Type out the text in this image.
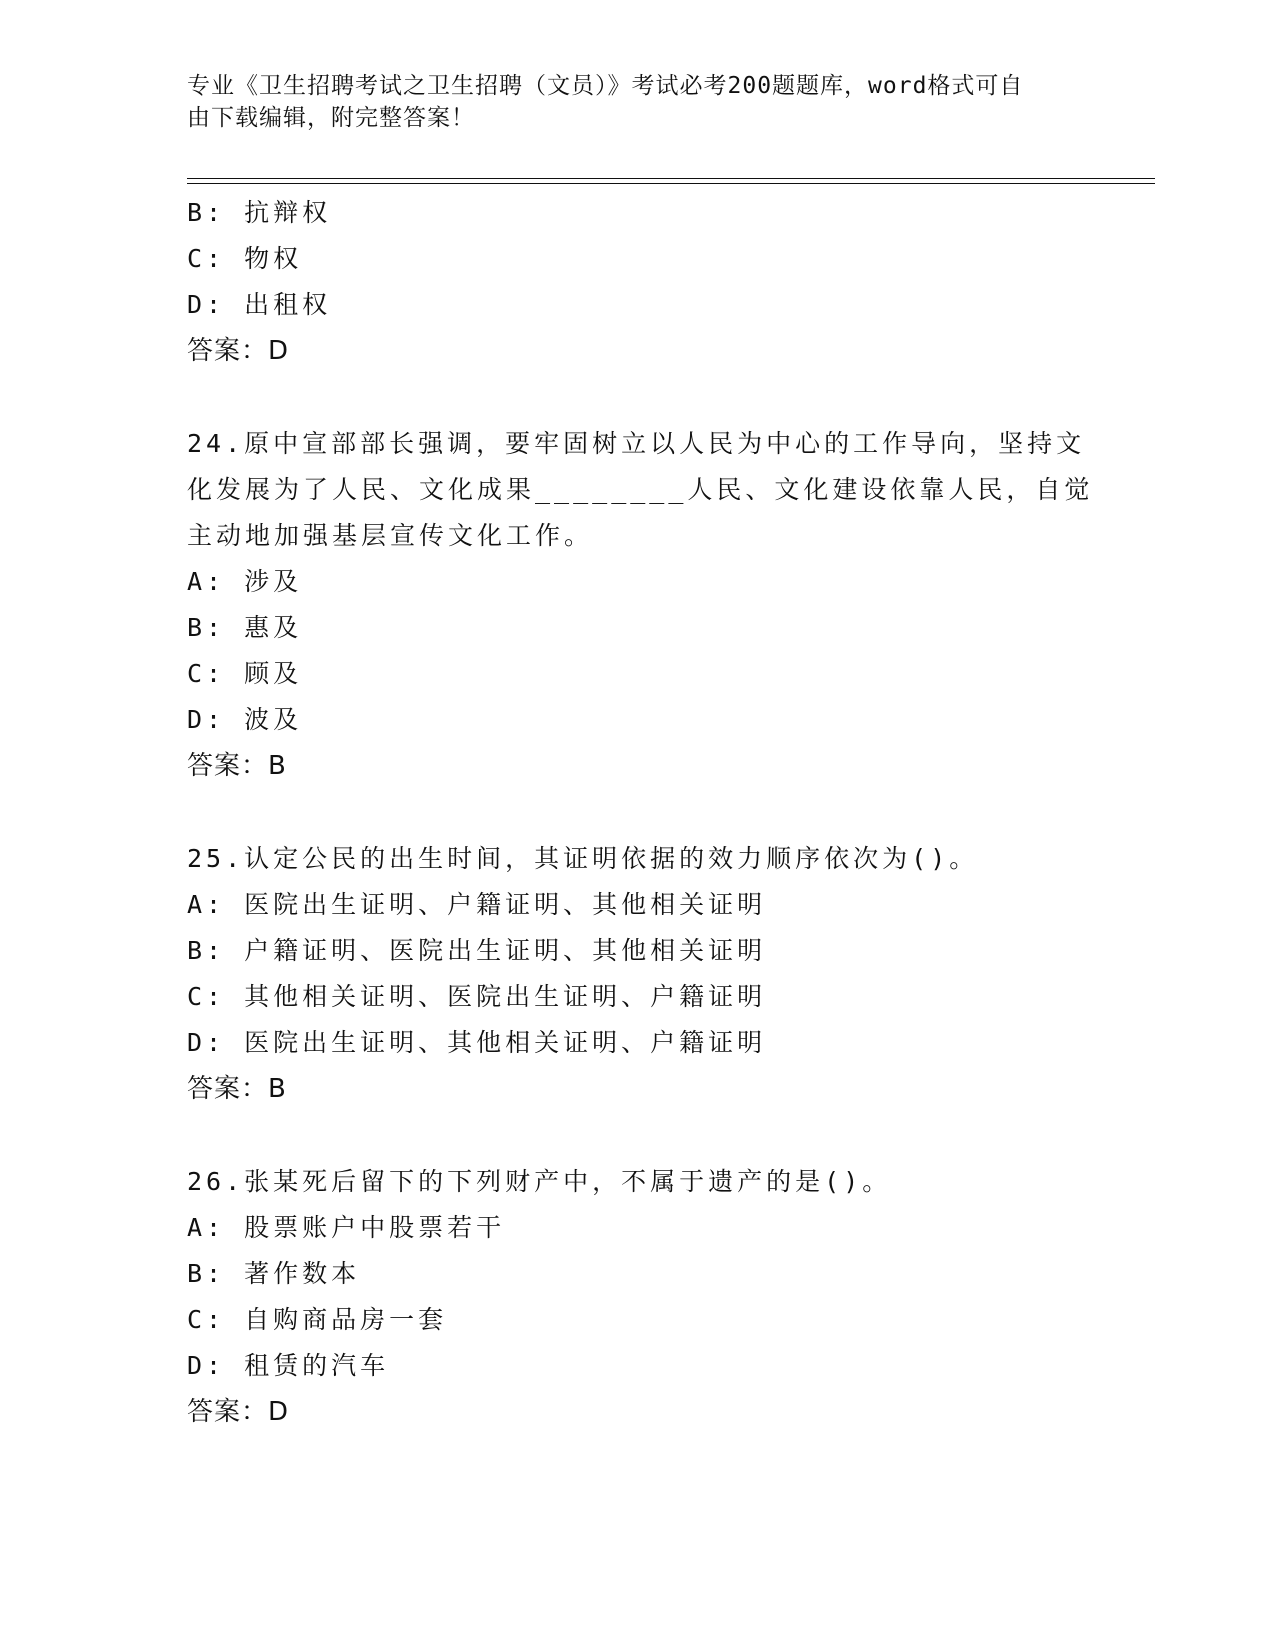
专业《卫生招聘考试之卫生招聘（文员）》考试必考200题题库，word格式可自
由下载编辑，附完整答案！
B: 抗辩权
C: 物权
D: 出租权
答案：D
24.原中宣部部长强调，要牢固树立以人民为中心的工作导向，坚持文
化发展为了人民、文化成果________人民、文化建设依靠人民，自觉
主动地加强基层宣传文化工作。
A: 涉及
B: 惠及
C: 顾及
D: 波及
答案：B
25.认定公民的出生时间，其证明依据的效力顺序依次为()。
A: 医院出生证明、户籍证明、其他相关证明
B: 户籍证明、医院出生证明、其他相关证明
C: 其他相关证明、医院出生证明、户籍证明
D: 医院出生证明、其他相关证明、户籍证明
答案：B
26.张某死后留下的下列财产中，不属于遗产的是()。
A: 股票账户中股票若干
B: 著作数本
C: 自购商品房一套
D: 租赁的汽车
答案：D
